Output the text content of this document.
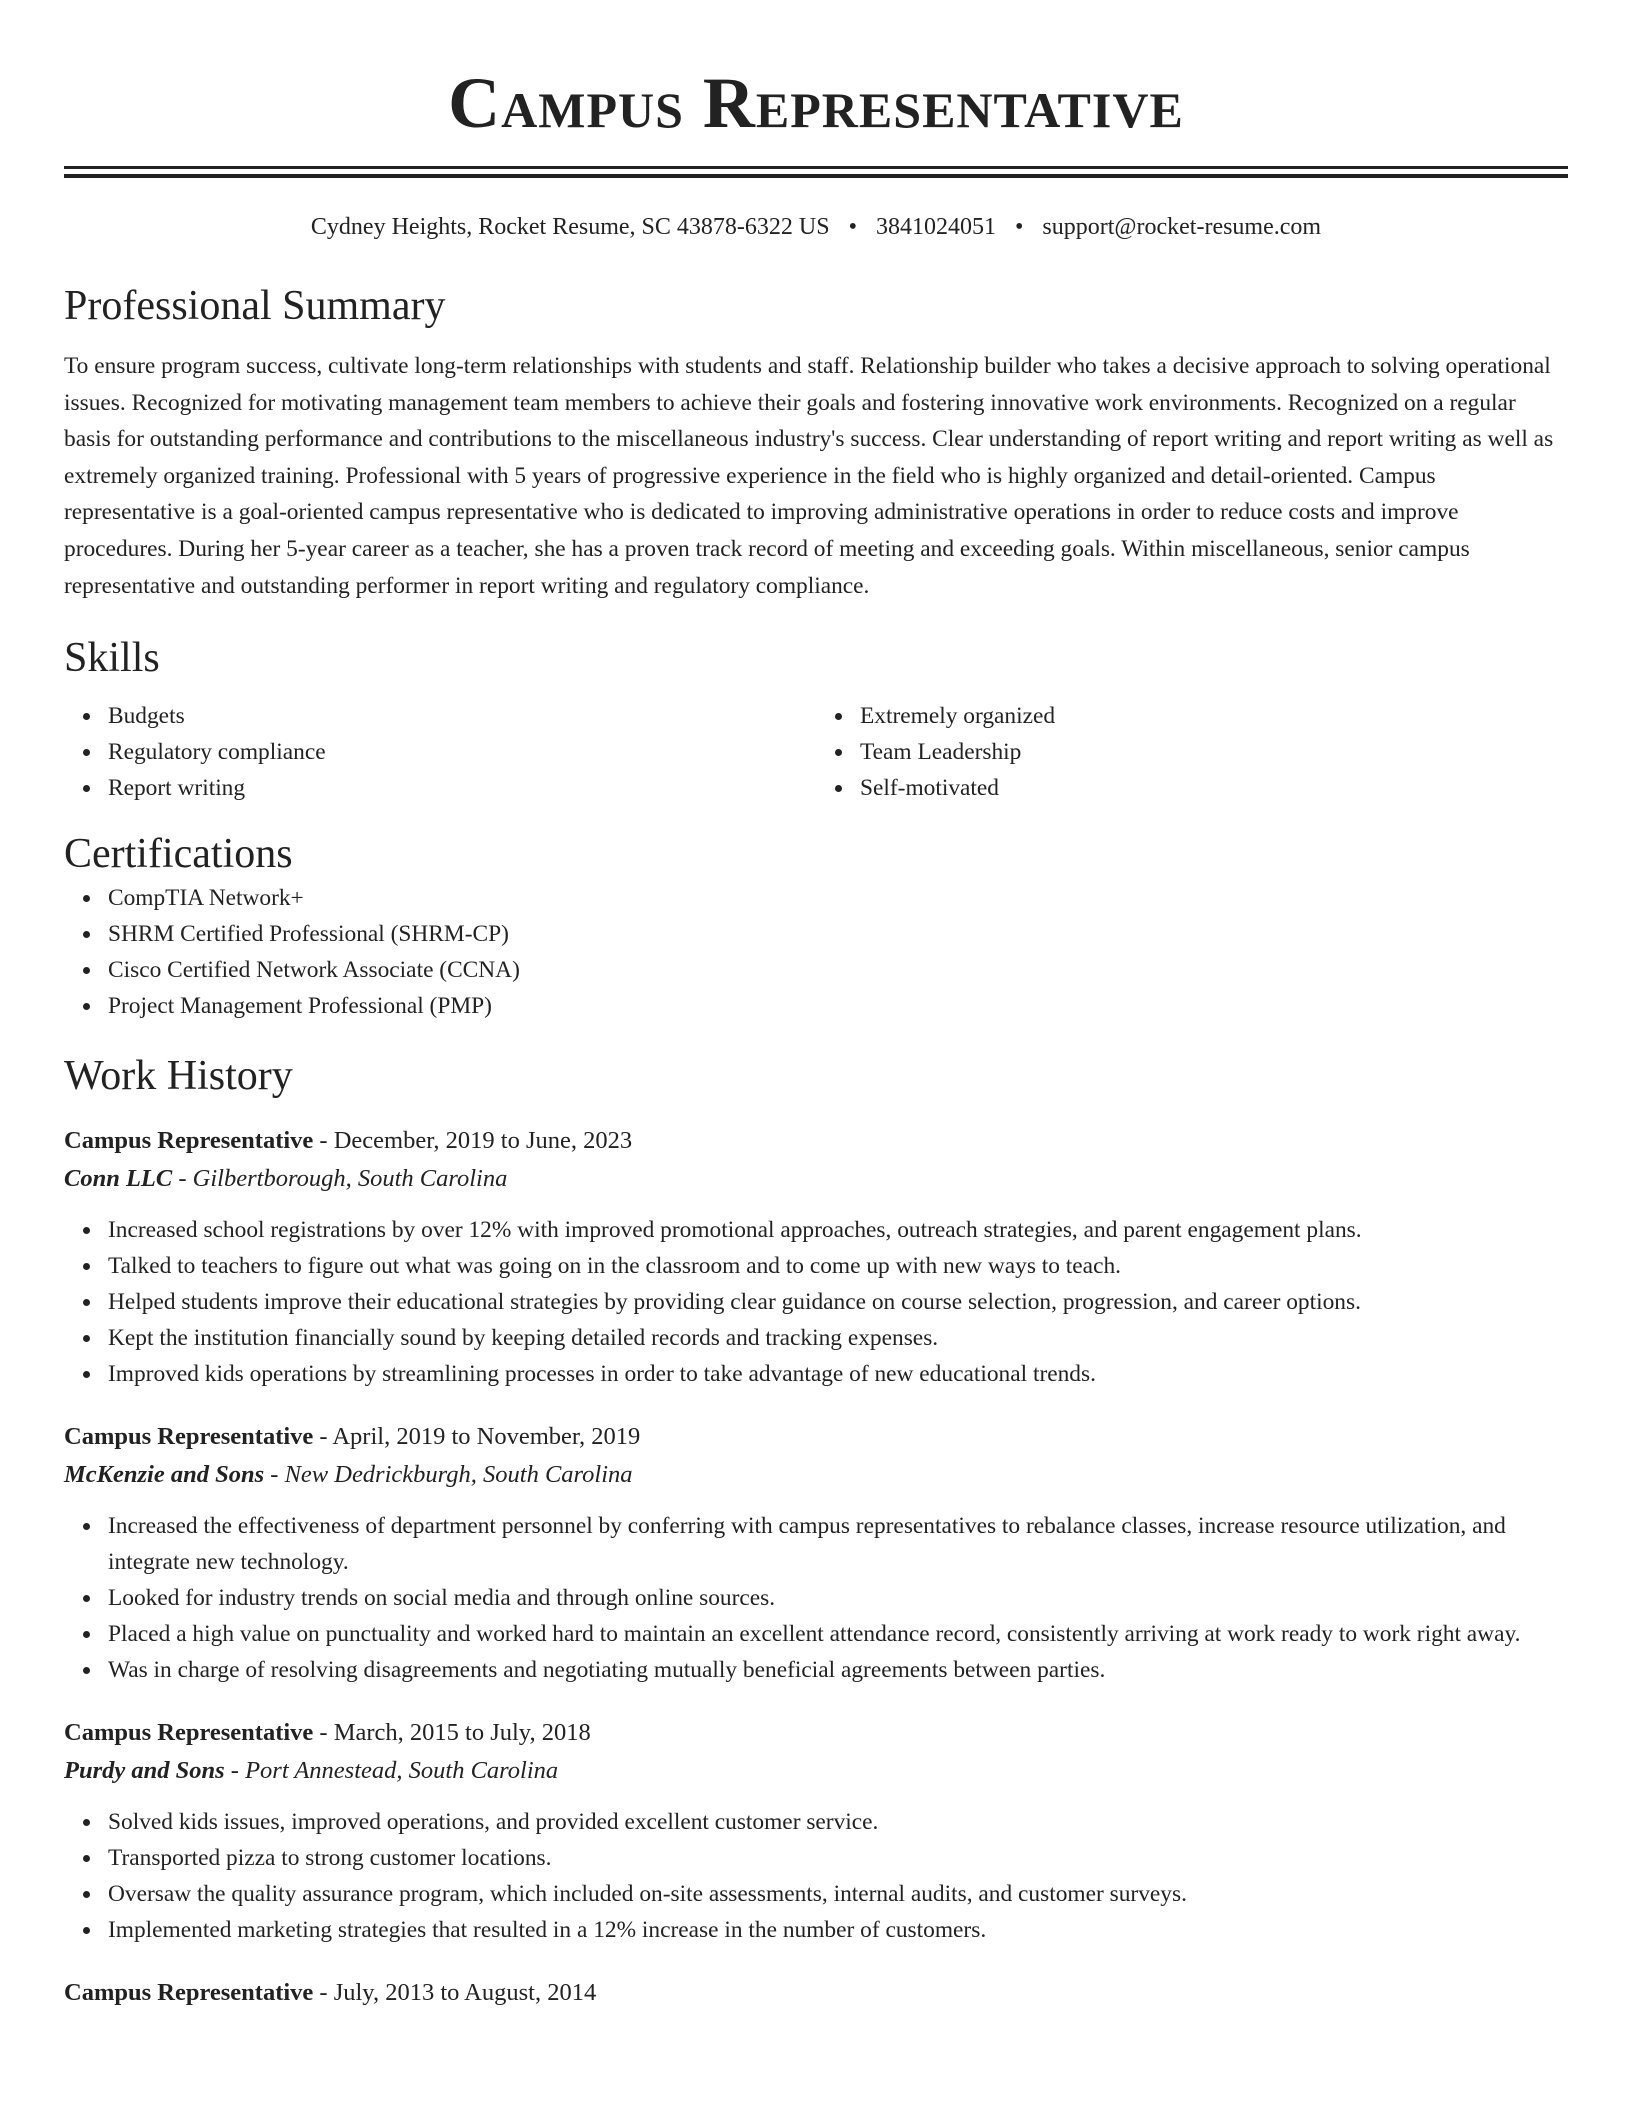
Campus Representative
Cydney Heights, Rocket Resume, SC 43878-6322 US • 3841024051 • support@rocket-resume.com
Professional Summary

To ensure program success, cultivate long-term relationships with students and staff. Relationship builder who takes a decisive approach to solving operational issues. Recognized for motivating management team members to achieve their goals and fostering innovative work environments. Recognized on a regular basis for outstanding performance and contributions to the miscellaneous industry's success. Clear understanding of report writing and report writing as well as extremely organized training. Professional with 5 years of progressive experience in the field who is highly organized and detail-oriented. Campus representative is a goal-oriented campus representative who is dedicated to improving administrative operations in order to reduce costs and improve procedures. During her 5-year career as a teacher, she has a proven track record of meeting and exceeding goals. Within miscellaneous, senior campus representative and outstanding performer in report writing and regulatory compliance.

Skills
Budgets
Regulatory compliance
Report writing
Extremely organized
Team Leadership
Self-motivated
Certifications
CompTIA Network+
SHRM Certified Professional (SHRM-CP)
Cisco Certified Network Associate (CCNA)
Project Management Professional (PMP)
Work History
Campus Representative - December, 2019 to June, 2023
Conn LLC - Gilbertborough, South Carolina
Increased school registrations by over 12% with improved promotional approaches, outreach strategies, and parent engagement plans.
Talked to teachers to figure out what was going on in the classroom and to come up with new ways to teach.
Helped students improve their educational strategies by providing clear guidance on course selection, progression, and career options.
Kept the institution financially sound by keeping detailed records and tracking expenses.
Improved kids operations by streamlining processes in order to take advantage of new educational trends.
Campus Representative - April, 2019 to November, 2019
McKenzie and Sons - New Dedrickburgh, South Carolina
Increased the effectiveness of department personnel by conferring with campus representatives to rebalance classes, increase resource utilization, and integrate new technology.
Looked for industry trends on social media and through online sources.
Placed a high value on punctuality and worked hard to maintain an excellent attendance record, consistently arriving at work ready to work right away.
Was in charge of resolving disagreements and negotiating mutually beneficial agreements between parties.
Campus Representative - March, 2015 to July, 2018
Purdy and Sons - Port Annestead, South Carolina
Solved kids issues, improved operations, and provided excellent customer service.
Transported pizza to strong customer locations.
Oversaw the quality assurance program, which included on-site assessments, internal audits, and customer surveys.
Implemented marketing strategies that resulted in a 12% increase in the number of customers.
Campus Representative - July, 2013 to August, 2014
